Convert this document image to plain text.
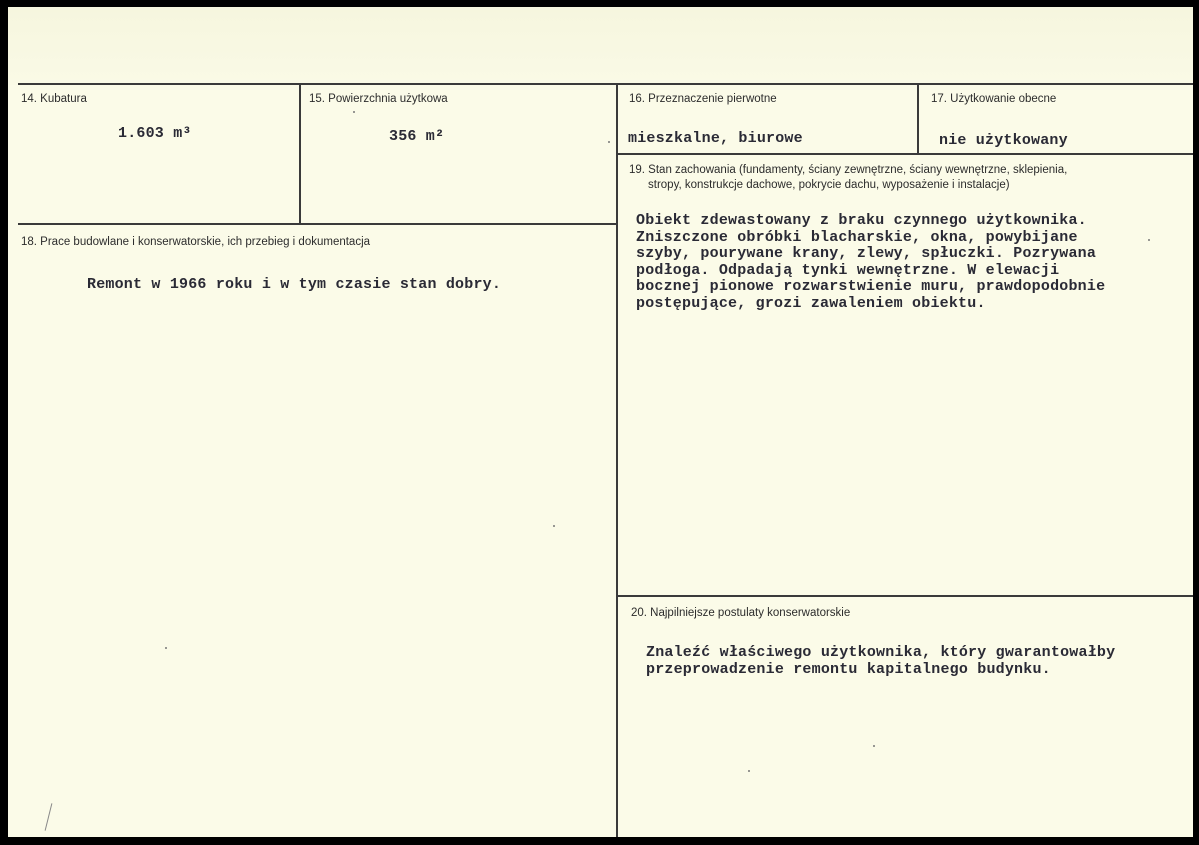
14. Kubatura
1.603 m³
15. Powierzchnia użytkowa
356 m²
16. Przeznaczenie pierwotne
mieszkalne, biurowe
17. Użytkowanie obecne
nie użytkowany
19. Stan zachowania (fundamenty, ściany zewnętrzne, ściany wewnętrzne, sklepienia,
stropy, konstrukcje dachowe, pokrycie dachu, wyposażenie i instalacje)
Obiekt zdewastowany z braku czynnego użytkownika.
Zniszczone obróbki blacharskie, okna, powybijane
szyby, pourywane krany, zlewy, spłuczki. Pozrywana
podłoga. Odpadają tynki wewnętrzne. W elewacji
bocznej pionowe rozwarstwienie muru, prawdopodobnie
postępujące, grozi zawaleniem obiektu.
18. Prace budowlane i konserwatorskie, ich przebieg i dokumentacja
Remont w 1966 roku i w tym czasie stan dobry.
20. Najpilniejsze postulaty konserwatorskie
Znaleźć właściwego użytkownika, który gwarantowałby
przeprowadzenie remontu kapitalnego budynku.
